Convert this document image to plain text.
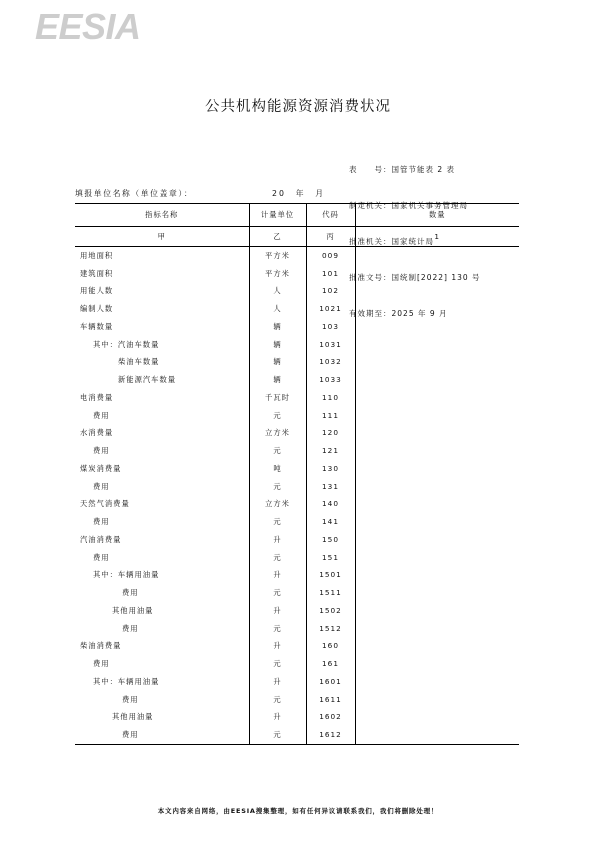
EESIA
公共机构能源资源消费状况

表　　号：国管节能表 2 表

制定机关：国家机关事务管理局

批准机关：国家统计局

批准文号：国统制[2022] 130 号

有效期至：2025 年 9 月

填报单位名称（单位盖章）：	20　年　月
指标名称	计量单位	代码	数量
甲	乙	丙	1
用地面积	平方米	009	
建筑面积	平方米	101	
用能人数	人	102	
编制人数	人	1021	
车辆数量	辆	103	
其中：汽油车数量	辆	1031	
柴油车数量	辆	1032	
新能源汽车数量	辆	1033	
电消费量	千瓦时	110	
费用	元	111	
水消费量	立方米	120	
费用	元	121	
煤炭消费量	吨	130	
费用	元	131	
天然气消费量	立方米	140	
费用	元	141	
汽油消费量	升	150	
费用	元	151	
其中：车辆用油量	升	1501	
费用	元	1511	
其他用油量	升	1502	
费用	元	1512	
柴油消费量	升	160	
费用	元	161	
其中：车辆用油量	升	1601	
费用	元	1611	
其他用油量	升	1602	
费用	元	1612	
本文内容来自网络，由EESIA搜集整理，如有任何异议请联系我们，我们将删除处理！
